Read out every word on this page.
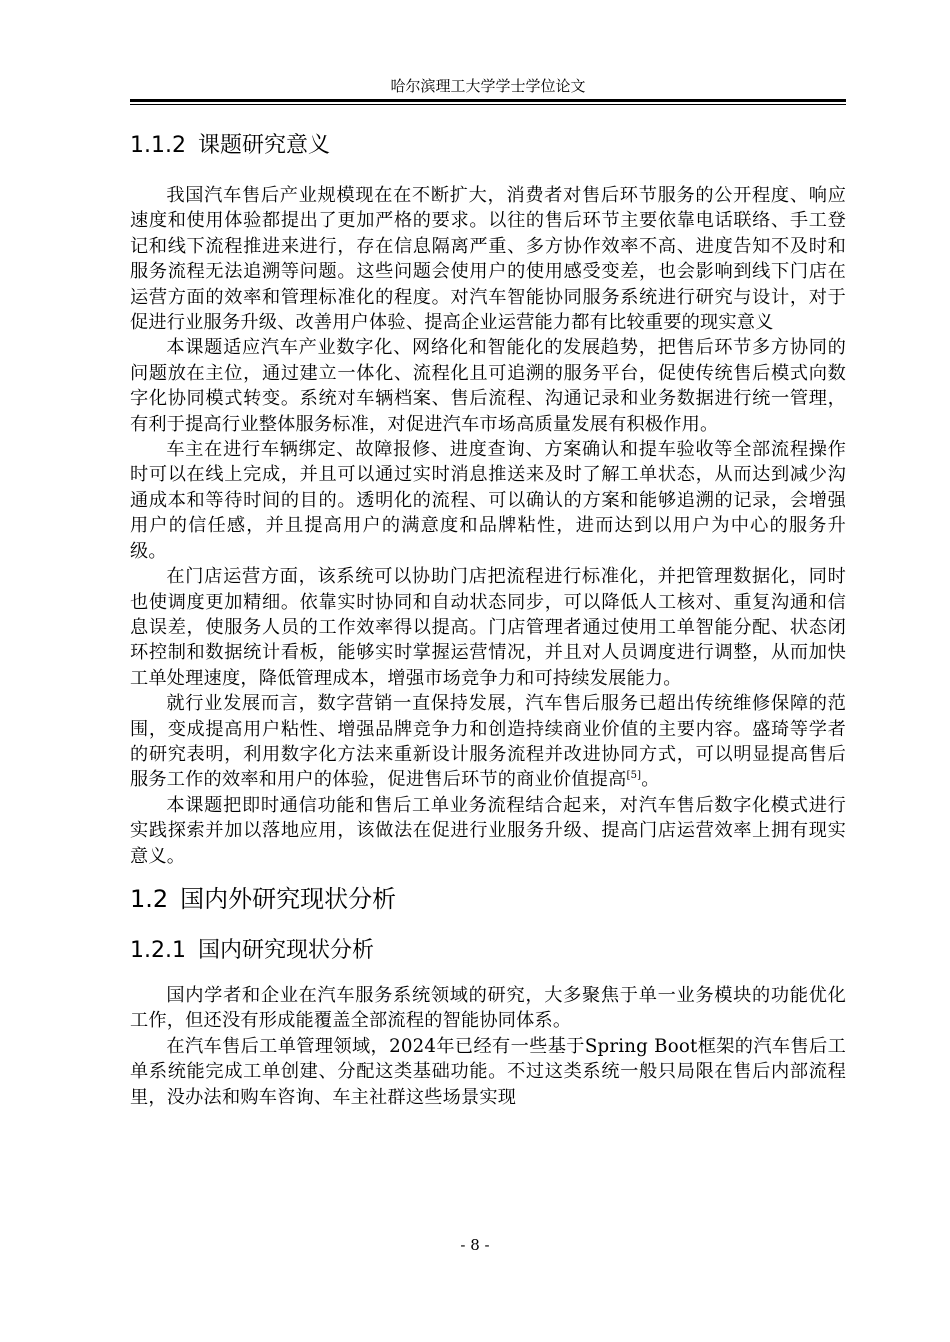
哈尔滨理工大学学士学位论文
1.1.2 课题研究意义

我国汽车售后产业规模现在在不断扩大，消费者对售后环节服务的公开程度、响应速度和使用体验都提出了更加严格的要求。以往的售后环节主要依靠电话联络、手工登记和线下流程推进来进行，存在信息隔离严重、多方协作效率不高、进度告知不及时和服务流程无法追溯等问题。这些问题会使用户的使用感受变差，也会影响到线下门店在运营方面的效率和管理标准化的程度。对汽车智能协同服务系统进行研究与设计，对于促进行业服务升级、改善用户体验、提高企业运营能力都有比较重要的现实意义

本课题适应汽车产业数字化、网络化和智能化的发展趋势，把售后环节多方协同的问题放在主位，通过建立一体化、流程化且可追溯的服务平台，促使传统售后模式向数字化协同模式转变。系统对车辆档案、售后流程、沟通记录和业务数据进行统一管理，有利于提高行业整体服务标准，对促进汽车市场高质量发展有积极作用。

车主在进行车辆绑定、故障报修、进度查询、方案确认和提车验收等全部流程操作时可以在线上完成，并且可以通过实时消息推送来及时了解工单状态，从而达到减少沟通成本和等待时间的目的。透明化的流程、可以确认的方案和能够追溯的记录，会增强用户的信任感，并且提高用户的满意度和品牌粘性，进而达到以用户为中心的服务升级。

在门店运营方面，该系统可以协助门店把流程进行标准化，并把管理数据化，同时也使调度更加精细。依靠实时协同和自动状态同步，可以降低人工核对、重复沟通和信息误差，使服务人员的工作效率得以提高。门店管理者通过使用工单智能分配、状态闭环控制和数据统计看板，能够实时掌握运营情况，并且对人员调度进行调整，从而加快工单处理速度，降低管理成本，增强市场竞争力和可持续发展能力。

就行业发展而言，数字营销一直保持发展，汽车售后服务已超出传统维修保障的范围，变成提高用户粘性、增强品牌竞争力和创造持续商业价值的主要内容。盛琦等学者的研究表明，利用数字化方法来重新设计服务流程并改进协同方式，可以明显提高售后服务工作的效率和用户的体验，促进售后环节的商业价值提高[5]。

本课题把即时通信功能和售后工单业务流程结合起来，对汽车售后数字化模式进行实践探索并加以落地应用，该做法在促进行业服务升级、提高门店运营效率上拥有现实意义。

1.2 国内外研究现状分析
1.2.1 国内研究现状分析

国内学者和企业在汽车服务系统领域的研究，大多聚焦于单一业务模块的功能优化工作，但还没有形成能覆盖全部流程的智能协同体系。

在汽车售后工单管理领域，2024年已经有一些基于Spring Boot框架的汽车售后工单系统能完成工单创建、分配这类基础功能。不过这类系统一般只局限在售后内部流程里，没办法和购车咨询、车主社群这些场景实现

- 8 -
